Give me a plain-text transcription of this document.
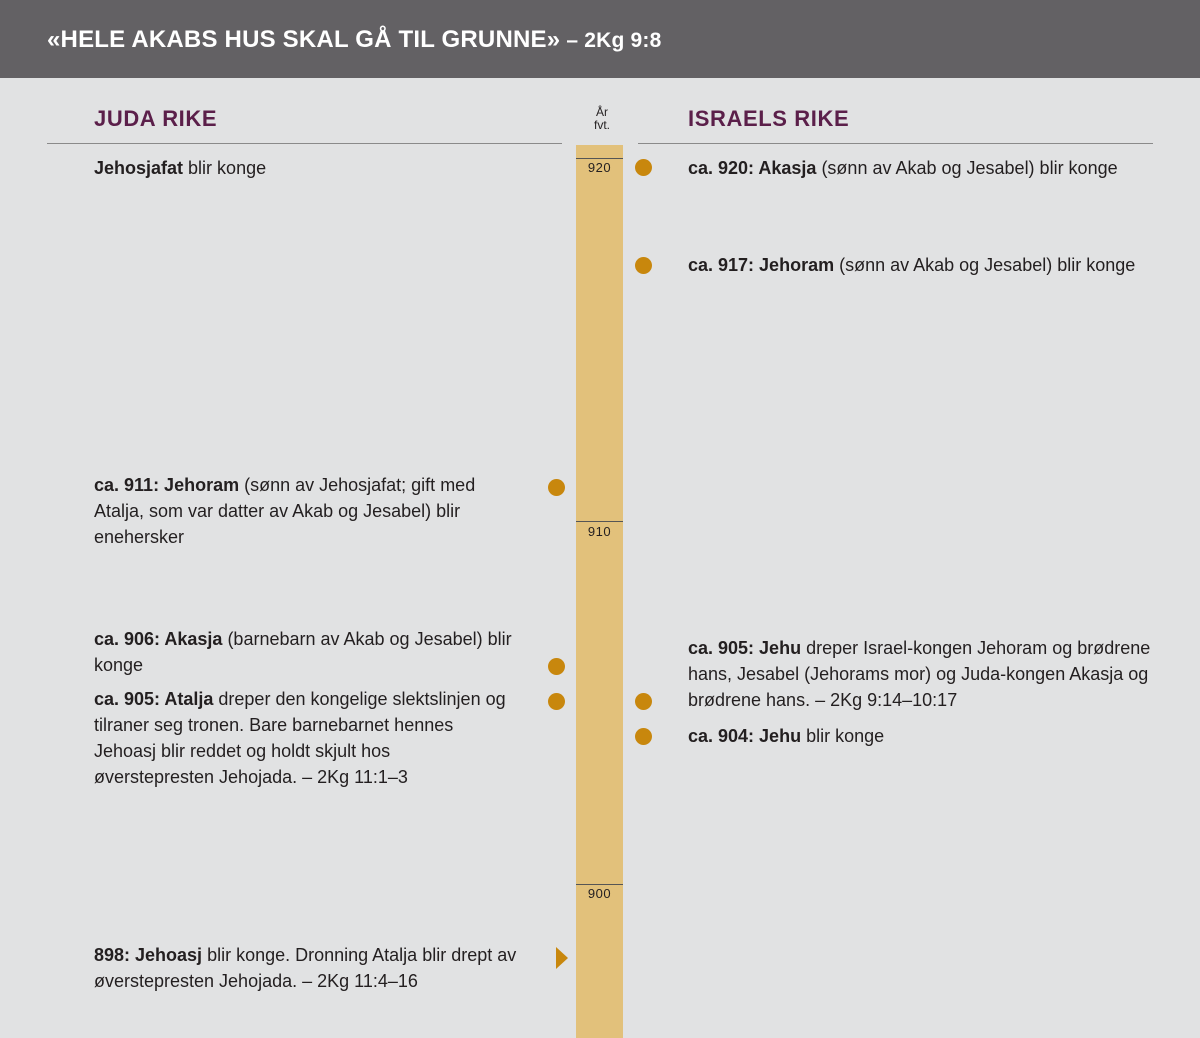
«HELE AKABS HUS SKAL GÅ TIL GRUNNE» – 2Kg 9:8
JUDA RIKE	ISRAELS RIKE
År
fvt.
920
910
900
Jehosjafat blir konge
ca. 911: Jehoram (sønn av Jehosjafat; gift med Atalja, som var datter av Akab og Jesabel) blir enehersker
ca. 906: Akasja (barnebarn av Akab og Jesabel) blir konge
ca. 905: Atalja dreper den kongelige slektslinjen og tilraner seg tronen. Bare barnebarnet hennes Jehoasj blir reddet og holdt skjult hos øverstepresten Jehojada. – 2Kg 11:1–3
898: Jehoasj blir konge. Dronning Atalja blir drept av øverstepresten Jehojada. – 2Kg 11:4–16
ca. 920: Akasja (sønn av Akab og Jesabel) blir konge
ca. 917: Jehoram (sønn av Akab og Jesabel) blir konge
ca. 905: Jehu dreper Israel-kongen Jehoram og brødrene hans, Jesabel (Jehorams mor) og Juda-kongen Akasja og brødrene hans. – 2Kg 9:14–10:17
ca. 904: Jehu blir konge
